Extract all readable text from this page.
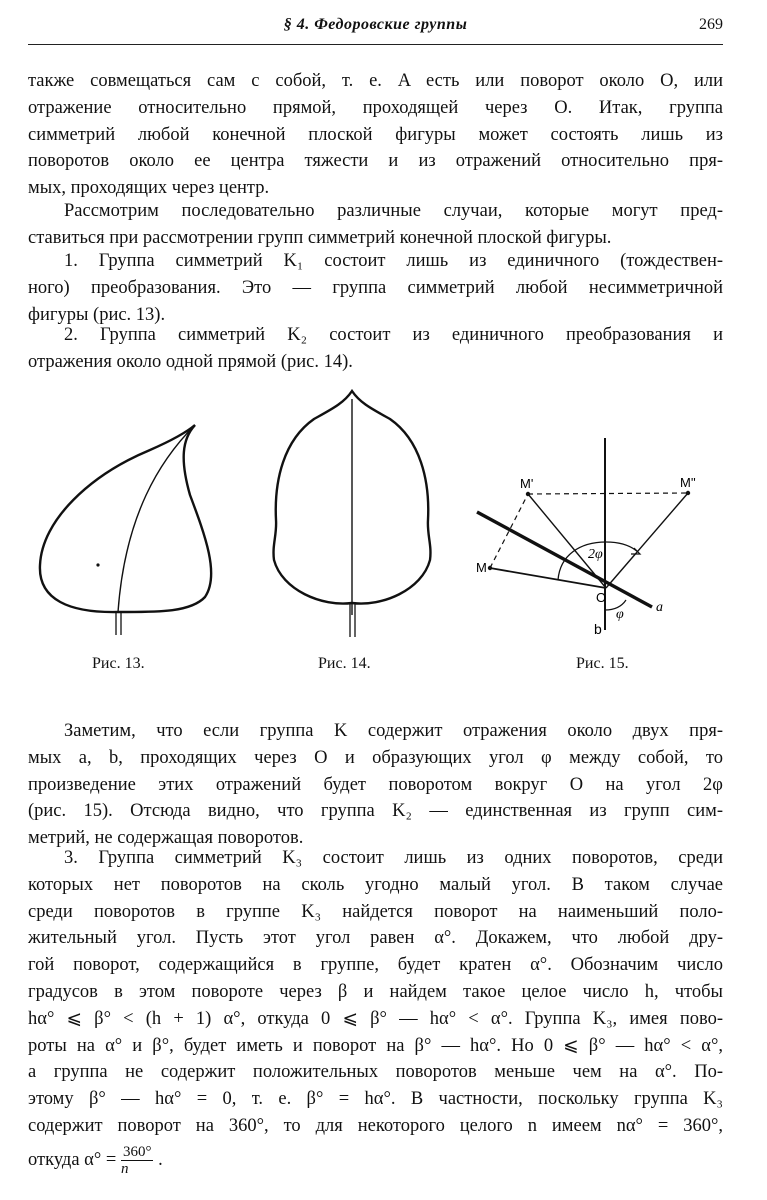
§ 4. Федоровские группы	269
также совмещаться сам с собой, т. е. A есть или поворот около O, или
отражение относительно прямой, проходящей через O. Итак, группа
симметрий любой конечной плоской фигуры может состоять лишь из
поворотов около ее центра тяжести и из отражений относительно пря-
мых, проходящих через центр.
Рассмотрим последовательно различные случаи, которые могут пред-
ставиться при рассмотрении групп симметрий конечной плоской фигуры.
1. Группа симметрий K₁ состоит лишь из единичного (тождествен-
ного) преобразования. Это — группа симметрий любой несимметричной
фигуры (рис. 13).
2. Группа симметрий K₂ состоит из единичного преобразования и
отражения около одной прямой (рис. 14).
M
M'	M''
O
a
b
2φ
φ
Рис. 13.	Рис. 14.	Рис. 15.
Заметим, что если группа K содержит отражения около двух пря-
мых a, b, проходящих через O и образующих угол φ между собой, то
произведение этих отражений будет поворотом вокруг O на угол 2φ
(рис. 15). Отсюда видно, что группа K₂ — единственная из групп сим-
метрий, не содержащая поворотов.
3. Группа симметрий K₃ состоит лишь из одних поворотов, среди
которых нет поворотов на сколь угодно малый угол. В таком случае
среди поворотов в группе K₃ найдется поворот на наименьший поло-
жительный угол. Пусть этот угол равен α°. Докажем, что любой дру-
гой поворот, содержащийся в группе, будет кратен α°. Обозначим число
градусов в этом повороте через β и найдем такое целое число h, чтобы
hα° ⩽ β° < (h + 1) α°, откуда 0 ⩽ β° — hα° < α°. Группа K₃, имея пово-
роты на α° и β°, будет иметь и поворот на β° — hα°. Но 0 ⩽ β° — hα° < α°,
а группа не содержит положительных поворотов меньше чем на α°. По-
этому β° — hα° = 0, т. е. β° = hα°. В частности, поскольку группа K₃
содержит поворот на 360°, то для некоторого целого n имеем nα° = 360°,
откуда $\alpha^\circ = \frac{360^\circ}{n}$ .
